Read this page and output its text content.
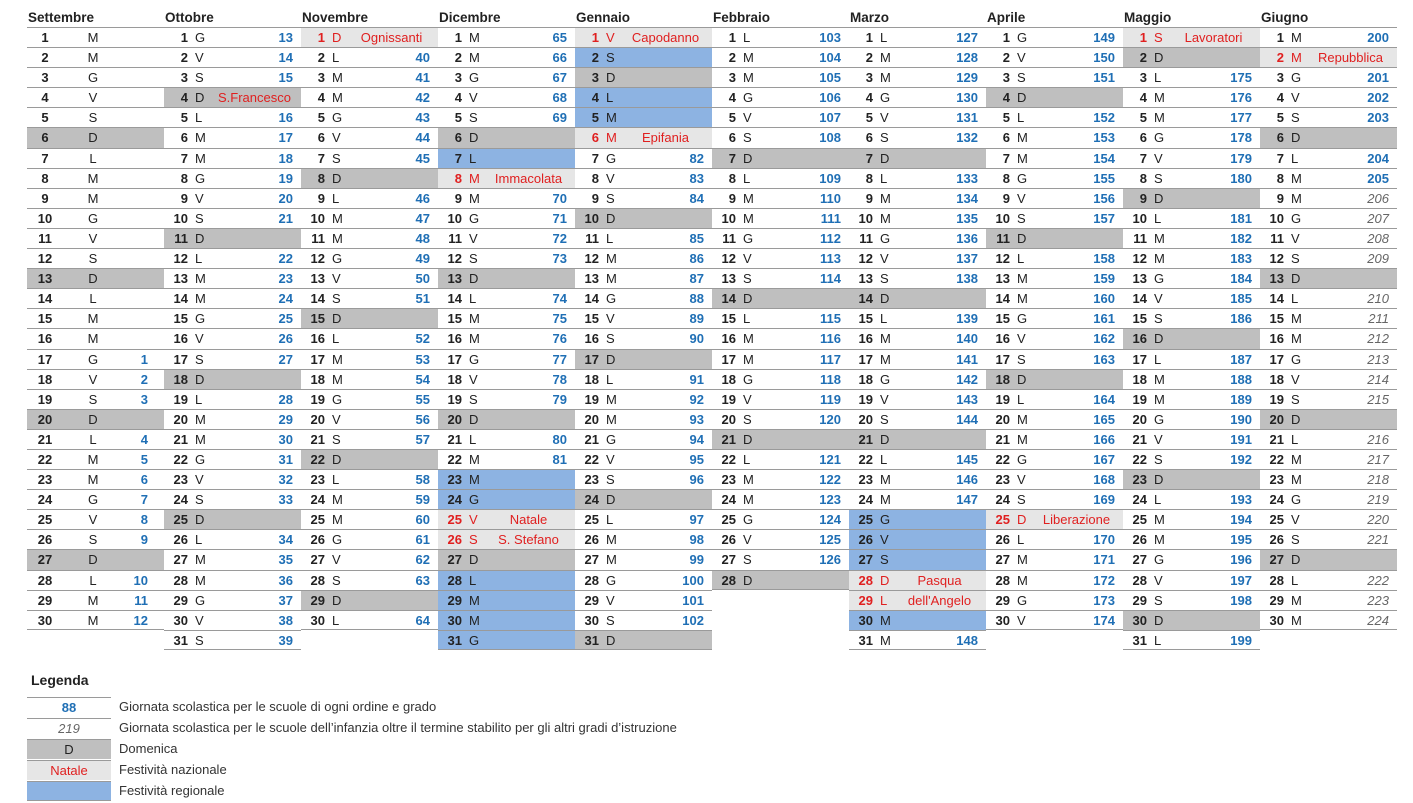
Settembre
1	M
2	M
3	G
4	V
5	S
6	D
7	L
8	M
9	M
10	G
11	V
12	S
13	D
14	L
15	M
16	M
17	G	1
18	V	2
19	S	3
20	D
21	L	4
22	M	5
23	M	6
24	G	7
25	V	8
26	S	9
27	D
28	L	10
29	M	11
30	M	12
Ottobre
1 G	13
2 V	14
3 S	15
4 D	S.Francesco
5 L	16
6 M	17
7 M	18
8 G	19
9 V	20
10 S	21
11 D
12 L	22
13 M	23
14 M	24
15 G	25
16 V	26
17 S	27
18 D
19 L	28
20 M	29
21 M	30
22 G	31
23 V	32
24 S	33
25 D
26 L	34
27 M	35
28 M	36
29 G	37
30 V	38
31 S	39
Novembre
1 D	Ognissanti
2 L	40
3 M	41
4 M	42
5 G	43
6 V	44
7 S	45
8 D
9 L	46
10 M	47
11 M	48
12 G	49
13 V	50
14 S	51
15 D
16 L	52
17 M	53
18 M	54
19 G	55
20 V	56
21 S	57
22 D
23 L	58
24 M	59
25 M	60
26 G	61
27 V	62
28 S	63
29 D
30 L	64
Dicembre
1 M	65
2 M	66
3 G	67
4 V	68
5 S	69
6 D
7 L
8 M	Immacolata
9 M	70
10 G	71
11 V	72
12 S	73
13 D
14 L	74
15 M	75
16 M	76
17 G	77
18 V	78
19 S	79
20 D
21 L	80
22 M	81
23 M
24 G
25 V	Natale
26 S	S. Stefano
27 D
28 L
29 M
30 M
31 G
Gennaio
1 V	Capodanno
2 S
3 D
4 L
5 M
6 M	Epifania
7 G	82
8 V	83
9 S	84
10 D
11 L	85
12 M	86
13 M	87
14 G	88
15 V	89
16 S	90
17 D
18 L	91
19 M	92
20 M	93
21 G	94
22 V	95
23 S	96
24 D
25 L	97
26 M	98
27 M	99
28 G	100
29 V	101
30 S	102
31 D
Febbraio
1 L	103
2 M	104
3 M	105
4 G	106
5 V	107
6 S	108
7 D
8 L	109
9 M	110
10 M	111
11 G	112
12 V	113
13 S	114
14 D
15 L	115
16 M	116
17 M	117
18 G	118
19 V	119
20 S	120
21 D
22 L	121
23 M	122
24 M	123
25 G	124
26 V	125
27 S	126
28 D
Marzo
1 L	127
2 M	128
3 M	129
4 G	130
5 V	131
6 S	132
7 D
8 L	133
9 M	134
10 M	135
11 G	136
12 V	137
13 S	138
14 D
15 L	139
16 M	140
17 M	141
18 G	142
19 V	143
20 S	144
21 D
22 L	145
23 M	146
24 M	147
25 G
26 V
27 S
28 D	Pasqua
29 L	dell'Angelo
30 M
31 M	148
Aprile
1 G	149
2 V	150
3 S	151
4 D
5 L	152
6 M	153
7 M	154
8 G	155
9 V	156
10 S	157
11 D
12 L	158
13 M	159
14 M	160
15 G	161
16 V	162
17 S	163
18 D
19 L	164
20 M	165
21 M	166
22 G	167
23 V	168
24 S	169
25 D	Liberazione
26 L	170
27 M	171
28 M	172
29 G	173
30 V	174
Maggio
1 S	Lavoratori
2 D
3 L	175
4 M	176
5 M	177
6 G	178
7 V	179
8 S	180
9 D
10 L	181
11 M	182
12 M	183
13 G	184
14 V	185
15 S	186
16 D
17 L	187
18 M	188
19 M	189
20 G	190
21 V	191
22 S	192
23 D
24 L	193
25 M	194
26 M	195
27 G	196
28 V	197
29 S	198
30 D
31 L	199
Giugno
1 M	200
2 M	Repubblica
3 G	201
4 V	202
5 S	203
6 D
7 L	204
8 M	205
9 M	206
10 G	207
11 V	208
12 S	209
13 D
14 L	210
15 M	211
16 M	212
17 G	213
18 V	214
19 S	215
20 D
21 L	216
22 M	217
23 M	218
24 G	219
25 V	220
26 S	221
27 D
28 L	222
29 M	223
30 M	224
Legenda
88	Giornata scolastica per le scuole di ogni ordine e grado
219	Giornata scolastica per le scuole dell’infanzia oltre il termine stabilito per gli altri gradi d’istruzione
D	Domenica
Natale	Festività nazionale
Festività regionale
